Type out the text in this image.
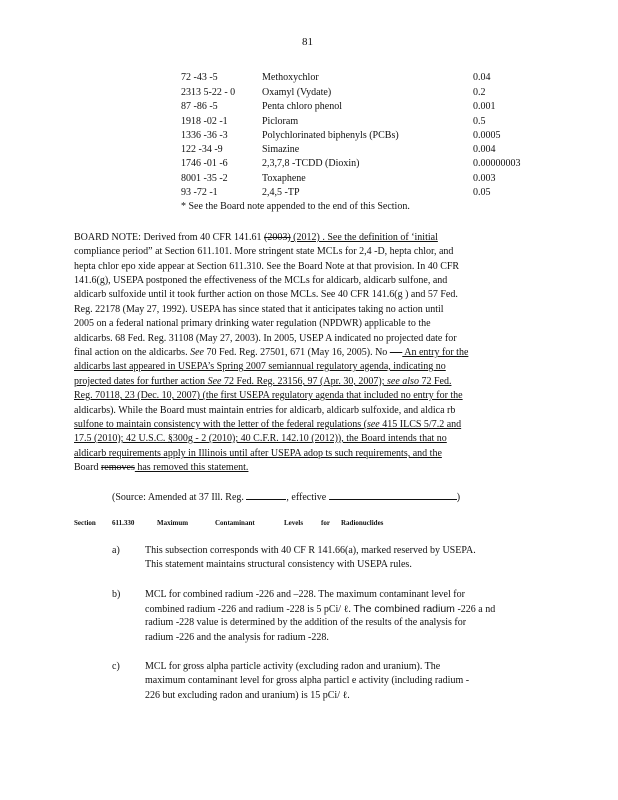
81
72 -43 -5	Methoxychlor	0.04
2313 5-22 - 0	Oxamyl (Vydate)	0.2
87 -86 -5	Penta chloro phenol	0.001
1918 -02 -1	Picloram	0.5
1336 -36 -3	Polychlorinated biphenyls (PCBs)	0.0005
122 -34 -9	Simazine	0.004
1746 -01 -6	2,3,7,8 -TCDD (Dioxin)	0.00000003
8001 -35 -2	Toxaphene	0.003
93 -72 -1	2,4,5 -TP	0.05
* See the Board note appended to the end of this Section.
BOARD NOTE: Derived from 40 CFR 141.61 (2003) (2012) . See the definition of ‘initial
compliance period” at Section 611.101. More stringent state MCLs for 2,4 -D, hepta chlor, and
hepta chlor epo xide appear at Section 611.310. See the Board Note at that provision. In 40 CFR
141.6(g), USEPA postponed the effectiveness of the MCLs for aldicarb, aldicarb sulfone, and
aldicarb sulfoxide until it took further action on those MCLs. See 40 CFR 141.6(g ) and 57 Fed.
Reg. 22178 (May 27, 1992). USEPA has since stated that it anticipates taking no action until
2005 on a federal national primary drinking water regulation (NPDWR) applicable to the
aldicarbs. 68 Fed. Reg. 31108 (May 27, 2003). In 2005, USEP A indicated no projected date for
final action on the aldicarbs. See 70 Fed. Reg. 27501, 671 (May 16, 2005). No       An entry for the
aldicarbs last appeared in USEPA’s Spring 2007 semiannual regulatory agenda, indicating no
projected dates for further action See 72 Fed. Reg. 23156, 97 (Apr. 30, 2007); see also 72 Fed.
Reg. 70118, 23 (Dec. 10, 2007) (the first USEPA regulatory agenda that included no entry for the
aldicarbs). While the Board must maintain entries for aldicarb, aldicarb sulfoxide, and aldica rb
sulfone to maintain consistency with the letter of the federal regulations (see 415 ILCS 5/7.2 and
17.5 (2010); 42 U.S.C. §300g - 2 (2010); 40 C.F.R. 142.10 (2012)), the Board intends that no
aldicarb requirements apply in Illinois until after USEPA adop ts such requirements, and the
Board removes has removed this statement.
(Source: Amended at 37 Ill. Reg.	, effective	)
Section 611.330	Maximum	Contaminant	Levels	for Radionuclides
a)	This subsection corresponds with 40 CF R 141.66(a), marked reserved by USEPA.
This statement maintains structural consistency with USEPA rules.
b) MCL for combined radium -226 and –228. The maximum contaminant level for
combined radium -226 and radium -228 is 5 pCi/ ℓ. The combined radium -226 a nd
radium -228 value is determined by the addition of the results of the analysis for
radium -226 and the analysis for radium -228.
c)	MCL for gross alpha particle activity (excluding radon and uranium). The
maximum contaminant level for gross alpha particl e activity (including radium -
226 but excluding radon and uranium) is 15 pCi/ ℓ.
